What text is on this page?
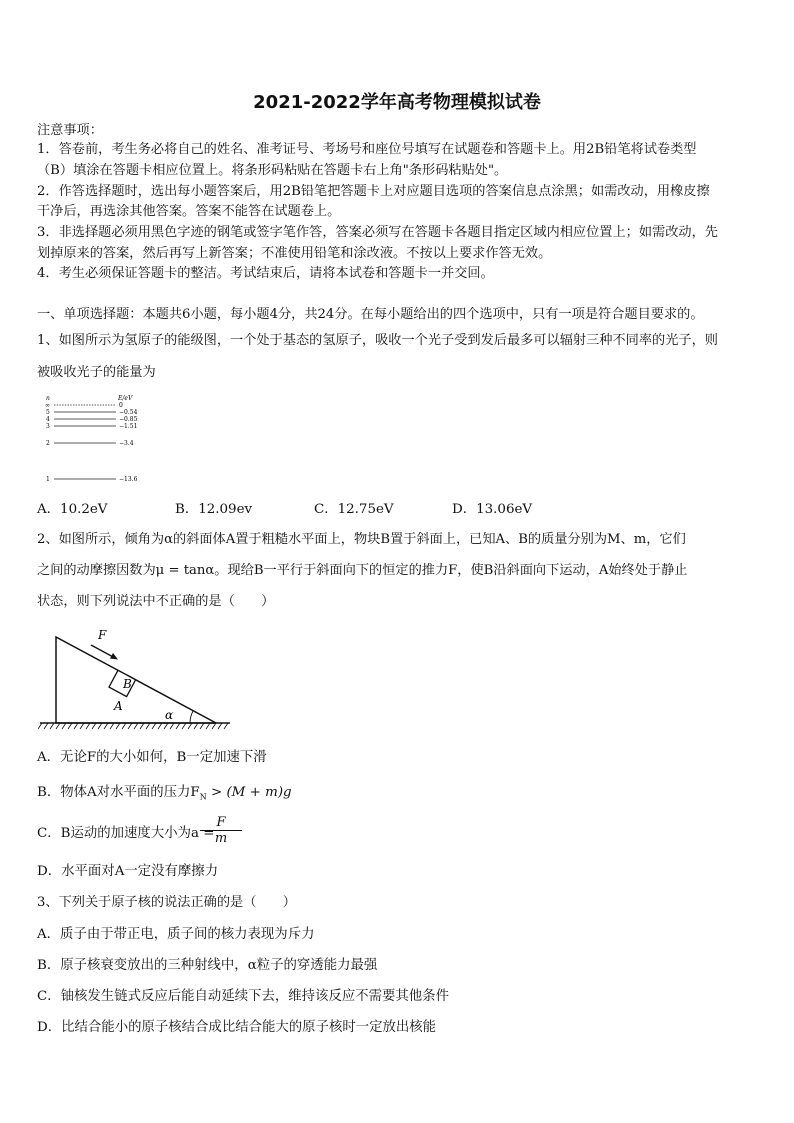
2021-2022学年高考物理模拟试卷
注意事项：
1．答卷前，考生务必将自己的姓名、准考证号、考场号和座位号填写在试题卷和答题卡上。用2B铅笔将试卷类型
（B）填涂在答题卡相应位置上。将条形码粘贴在答题卡右上角"条形码粘贴处"。
2．作答选择题时，选出每小题答案后，用2B铅笔把答题卡上对应题目选项的答案信息点涂黑；如需改动，用橡皮擦
干净后，再选涂其他答案。答案不能答在试题卷上。
3．非选择题必须用黑色字迹的钢笔或签字笔作答，答案必须写在答题卡各题目指定区域内相应位置上；如需改动，先
划掉原来的答案，然后再写上新答案；不准使用铅笔和涂改液。不按以上要求作答无效。
4．考生必须保证答题卡的整洁。考试结束后，请将本试卷和答题卡一并交回。
一、单项选择题：本题共6小题，每小题4分，共24分。在每小题给出的四个选项中，只有一项是符合题目要求的。
1、如图所示为氢原子的能级图，一个处于基态的氢原子，吸收一个光子受到发后最多可以辐射三种不同率的光子，则
被吸收光子的能量为
n	E/eV
∞	0
5	−0.54
4	−0.85
3	−1.51
2	−3.4
1	−13.6
A．10.2eV	B．12.09ev	C．12.75eV	D．13.06eV
2、如图所示，倾角为α的斜面体A置于粗糙水平面上，物块B置于斜面上，已知A、B的质量分别为M、m，它们
之间的动摩擦因数为μ = tanα。现给B一平行于斜面向下的恒定的推力F，使B沿斜面向下运动，A始终处于静止
状态，则下列说法中不正确的是（　　）
B
F
A
α
A．无论F的大小如何，B一定加速下滑
B．物体A对水平面的压力$F_N > (M + m)g$
C．B运动的加速度大小为a =
$\frac{F}{m}$
D．水平面对A一定没有摩擦力
3、下列关于原子核的说法正确的是（　　）
A．质子由于带正电，质子间的核力表现为斥力
B．原子核衰变放出的三种射线中，α粒子的穿透能力最强
C．铀核发生链式反应后能自动延续下去，维持该反应不需要其他条件
D．比结合能小的原子核结合成比结合能大的原子核时一定放出核能
